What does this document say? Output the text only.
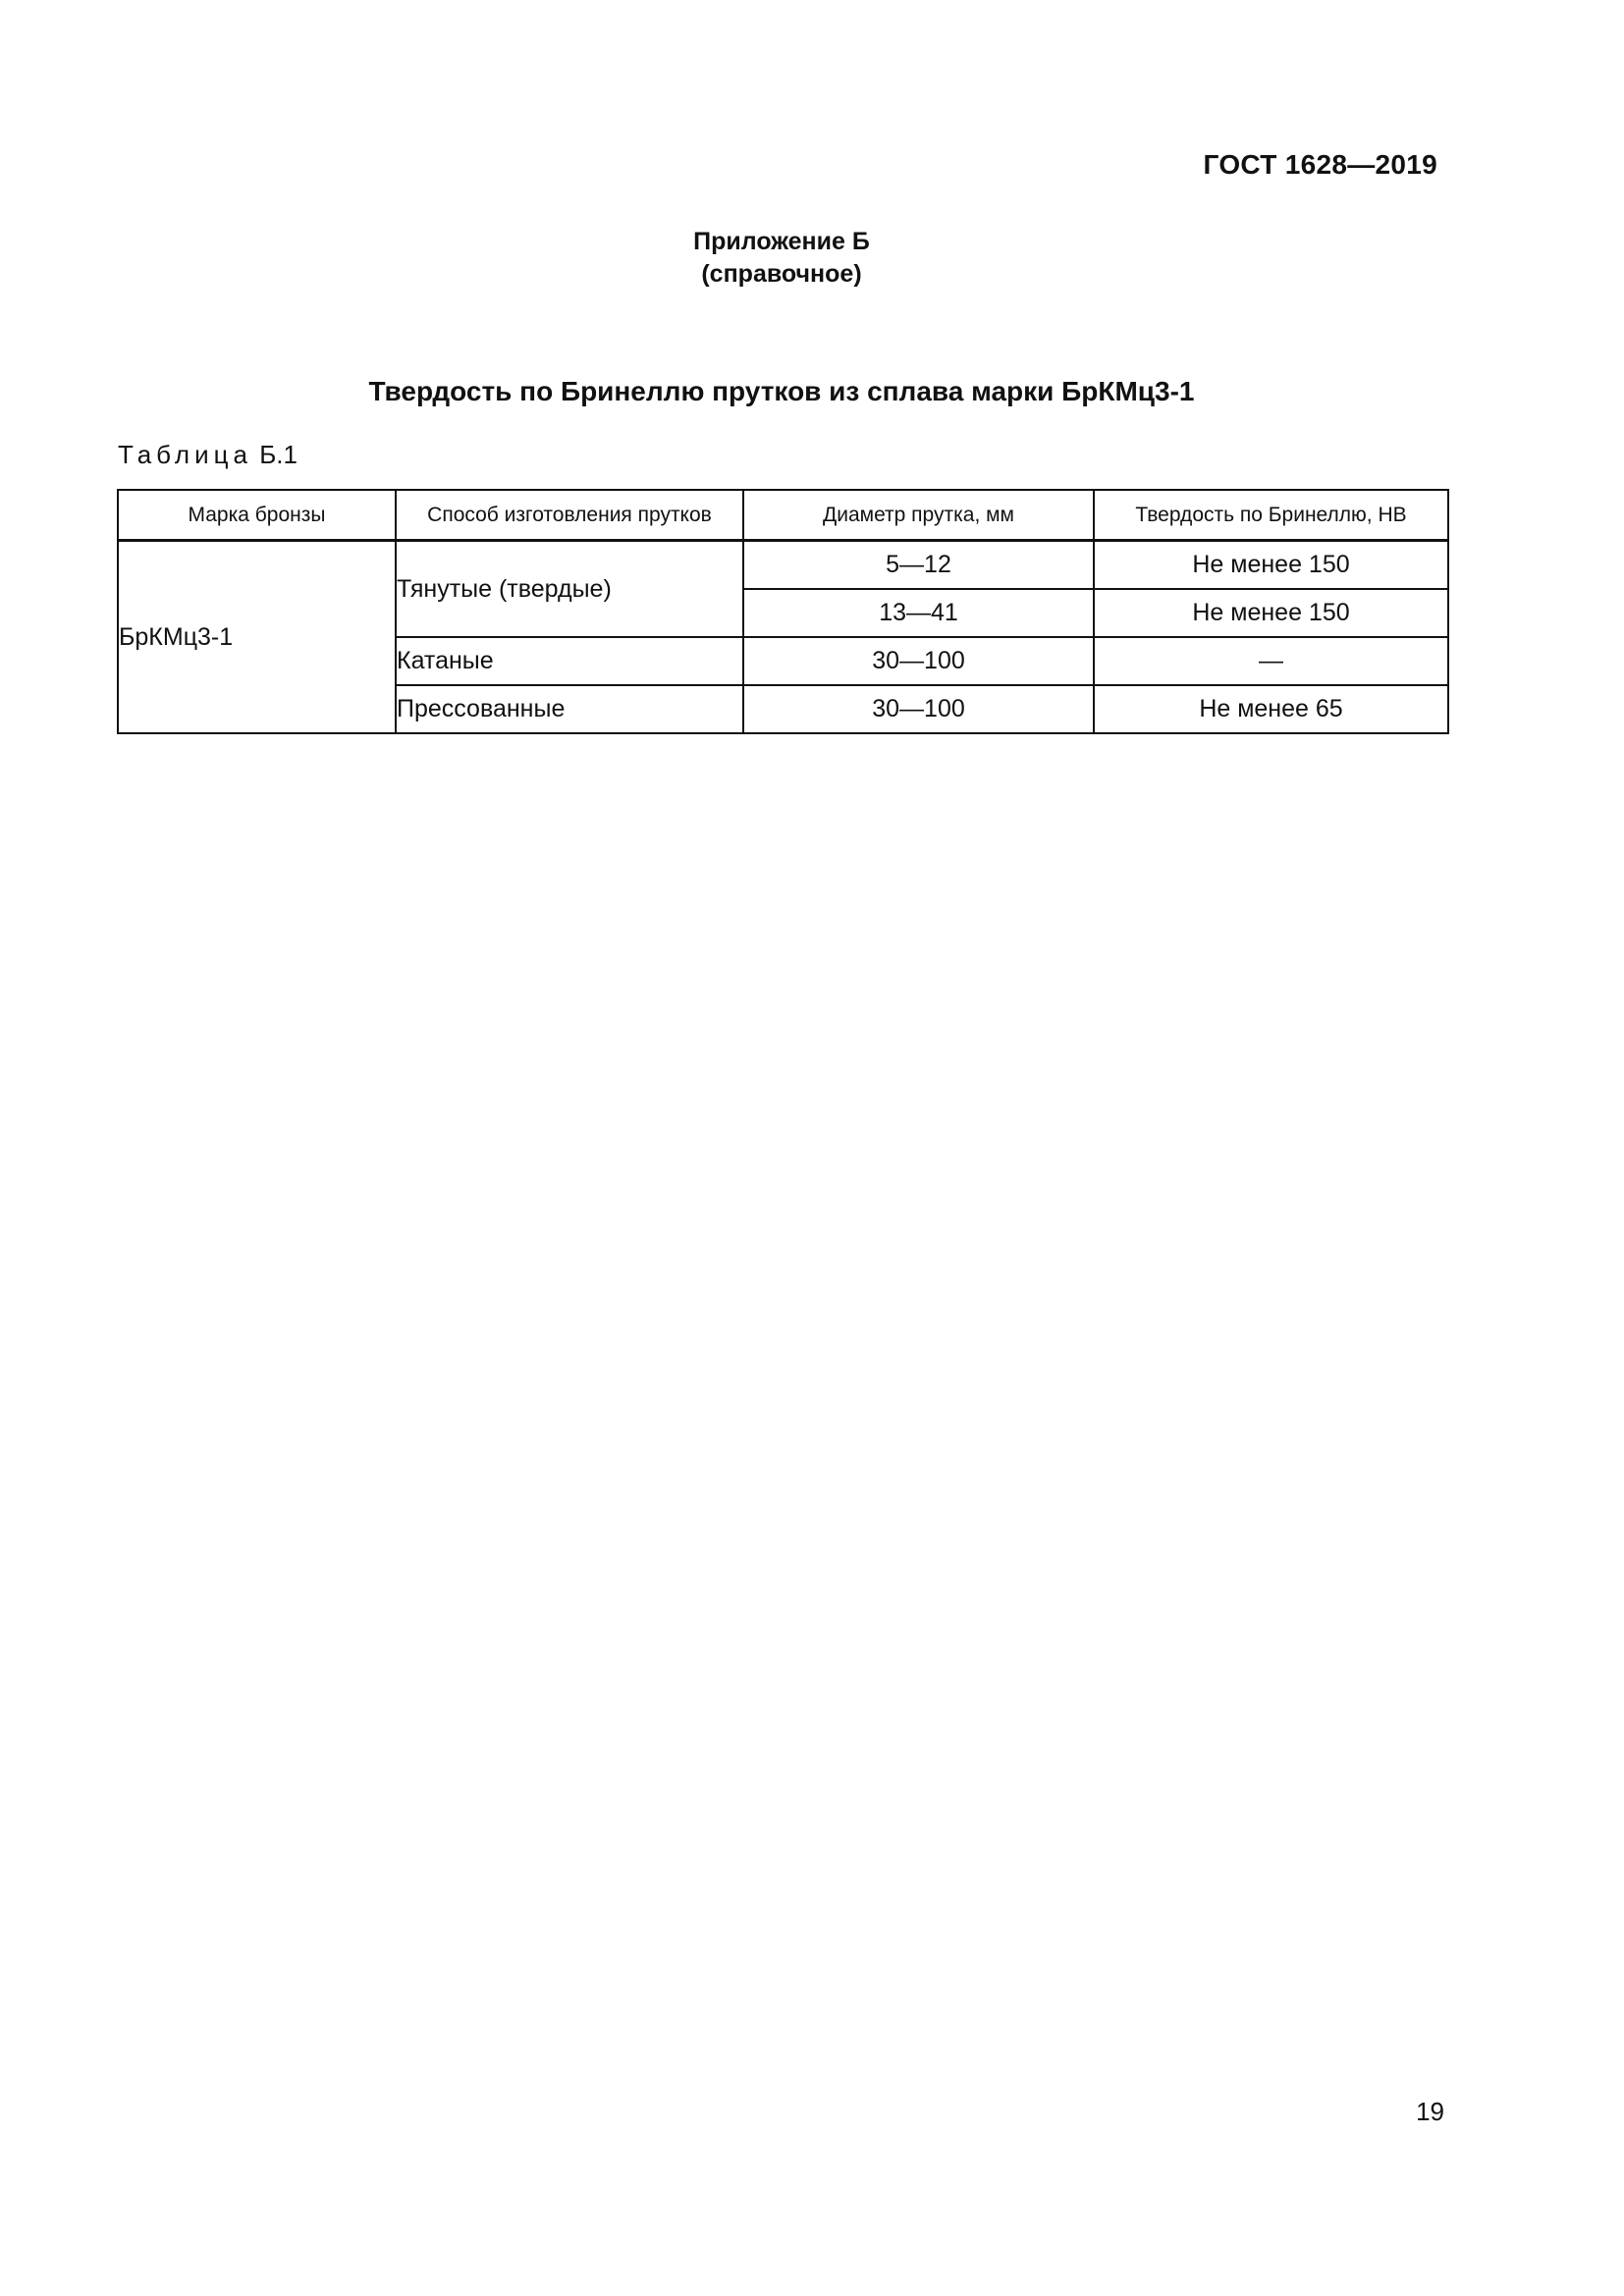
ГОСТ 1628—2019
Приложение Б
(справочное)
Твердость по Бринеллю прутков из сплава марки БрКМц3-1
Таблица Б.1
Марка бронзы	Способ изготовления прутков	Диаметр прутка, мм	Твердость по Бринеллю, НВ
БрКМц3-1	Тянутые (твердые)	5—12	Не менее 150
		13—41	Не менее 150
	Катаные	30—100	—
	Прессованные	30—100	Не менее 65
19
